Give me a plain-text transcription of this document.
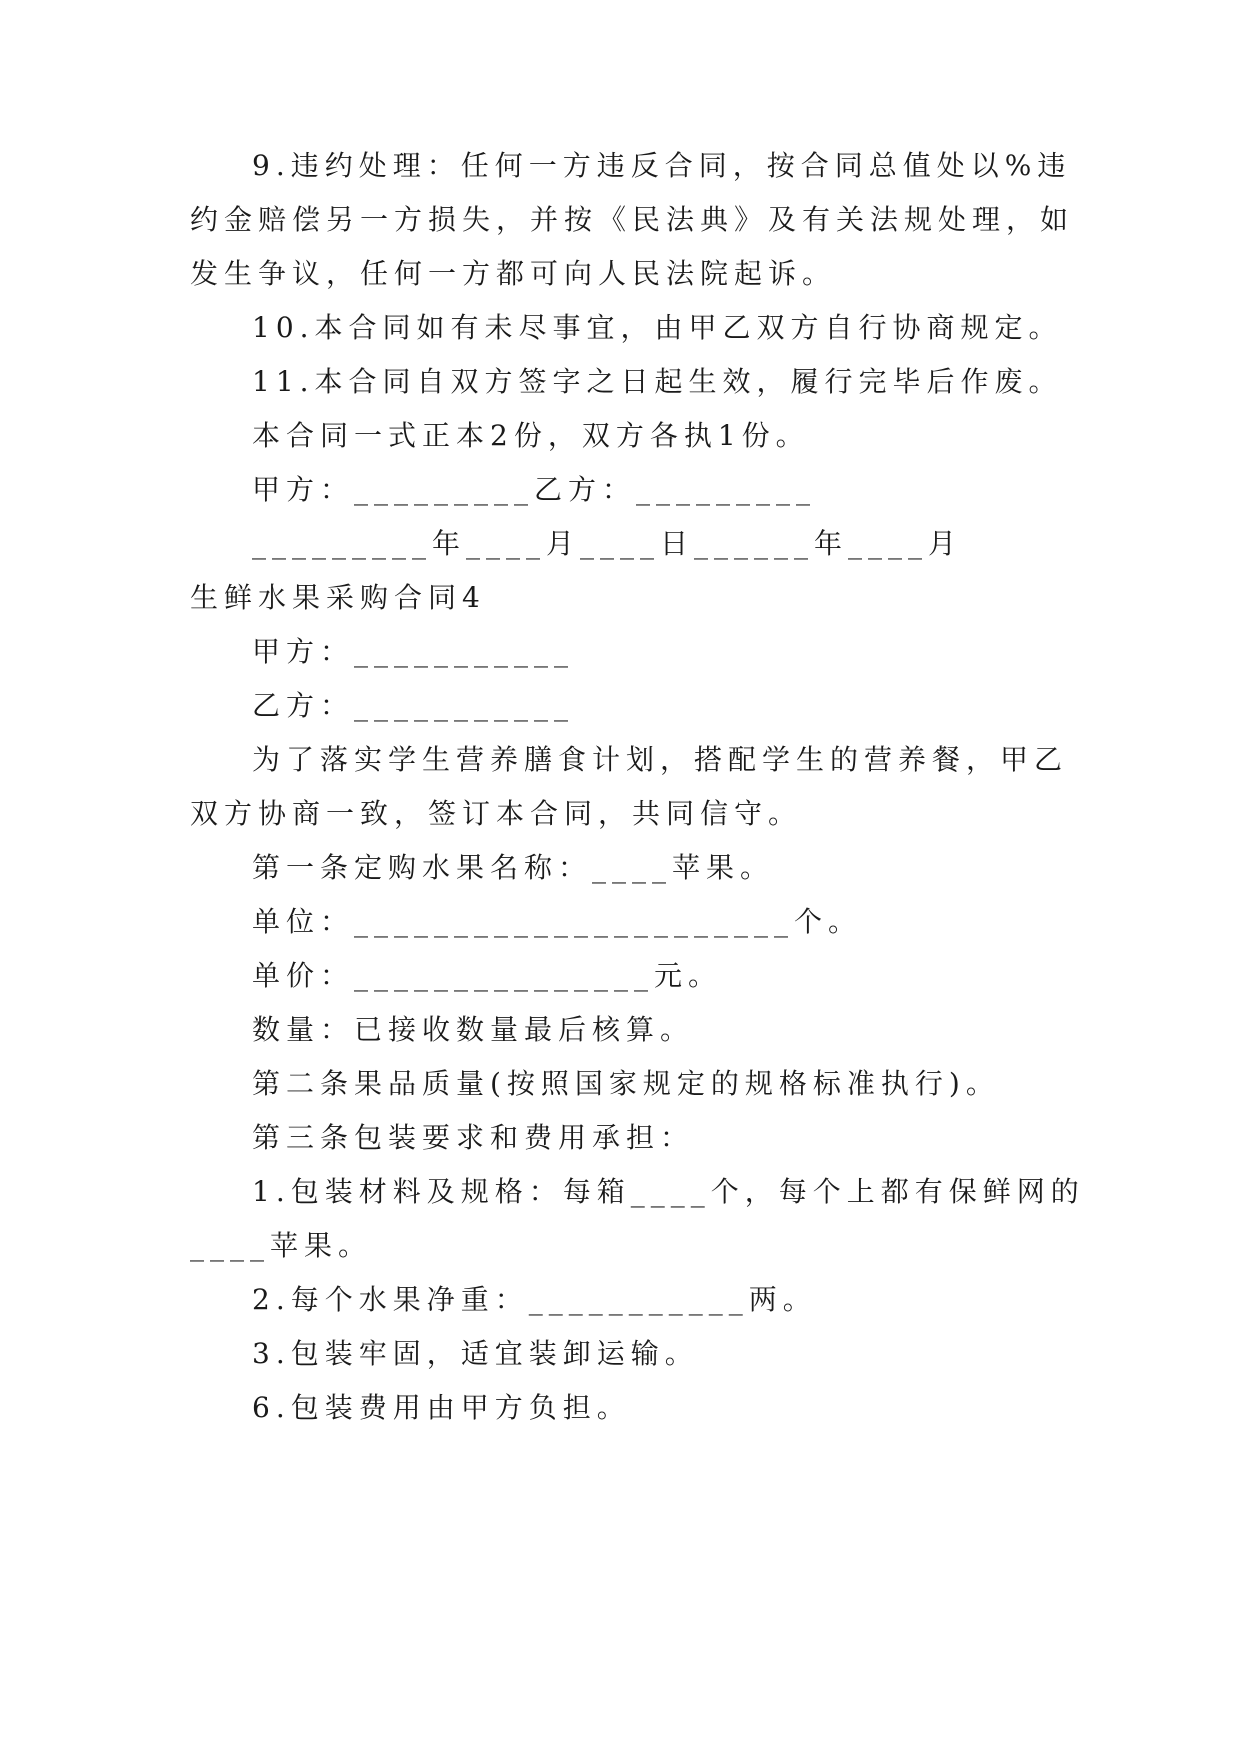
9.违约处理：任何一方违反合同，按合同总值处以%违
约金赔偿另一方损失，并按《民法典》及有关法规处理，如
发生争议，任何一方都可向人民法院起诉。
10.本合同如有未尽事宜，由甲乙双方自行协商规定。
11.本合同自双方签字之日起生效，履行完毕后作废。
本合同一式正本2份，双方各执1份。
甲方：_________乙方：_________
_________年____月____日______年____月
生鲜水果采购合同4
甲方：___________
乙方：___________
为了落实学生营养膳食计划，搭配学生的营养餐，甲乙
双方协商一致，签订本合同，共同信守。
第一条定购水果名称：____苹果。
单位：______________________个。
单价：_______________元。
数量：已接收数量最后核算。
第二条果品质量(按照国家规定的规格标准执行)。
第三条包装要求和费用承担：
1.包装材料及规格：每箱____个，每个上都有保鲜网的
____苹果。
2.每个水果净重：___________两。
3.包装牢固，适宜装卸运输。
6.包装费用由甲方负担。
